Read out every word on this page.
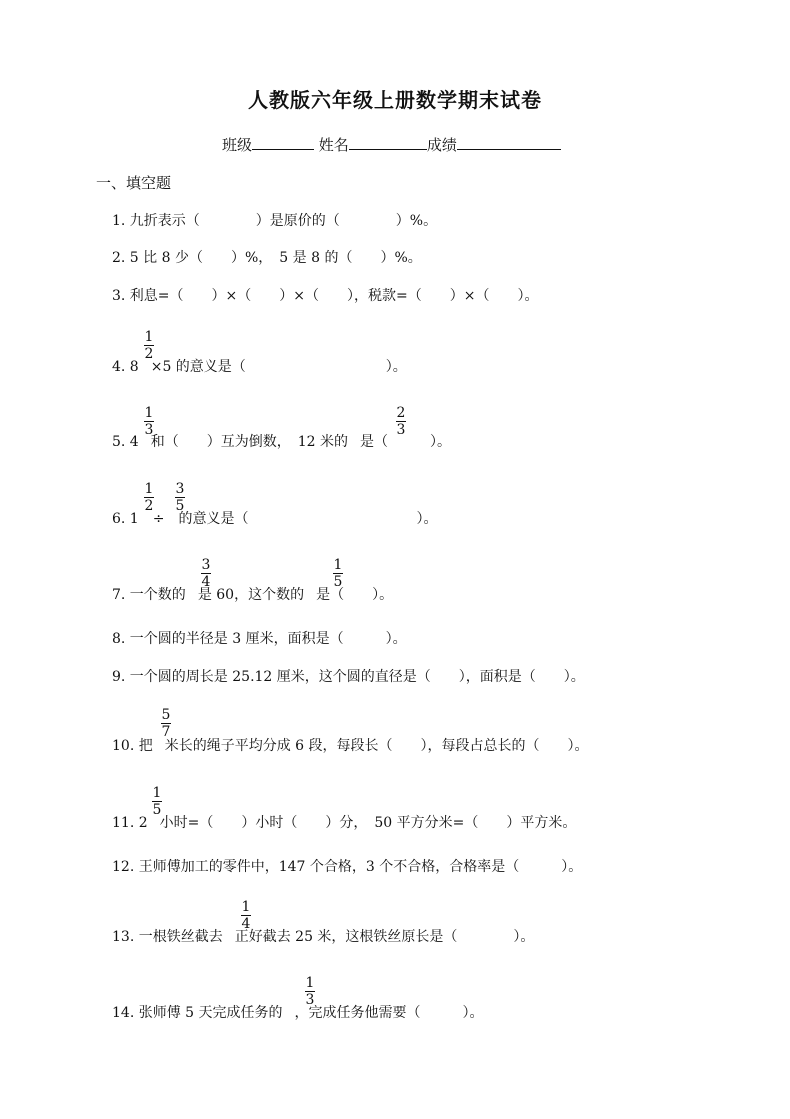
人教版六年级上册数学期末试卷
班级	姓名	成绩
一、填空题
1. 九折表示（　　　　）是原价的（　　　　）%。
2. 5 比 8 少（　　）%，　5 是 8 的（　　）%。
3. 利息=（　　）×（　　）×（　　），税款=（　　）×（　　）。
4. 8 ×5 的意义是（　　　　　　　　　　）。
1
2
5. 4 和（　　）互为倒数，　12 米的 是（　　　）。
1
3
2
3
6. 1 ÷ 的意义是（　　　　　　　　　　　　）。
1
2
3
5
7. 一个数的 是 60，这个数的 是（　　）。
3
4
1
5
8. 一个圆的半径是 3 厘米，面积是（　　　）。
9. 一个圆的周长是 25.12 厘米，这个圆的直径是（　　），面积是（　　）。
10. 把 米长的绳子平均分成 6 段，每段长（　　），每段占总长的（　　）。
5
7
11. 2 小时=（　　）小时（　　）分，　50 平方分米=（　　）平方米。
1
5
12. 王师傅加工的零件中，147 个合格，3 个不合格，合格率是（　　　）。
13. 一根铁丝截去 正好截去 25 米，这根铁丝原长是（　　　　）。
1
4
14. 张师傅 5 天完成任务的 ，完成任务他需要（　　　）。
1
3
